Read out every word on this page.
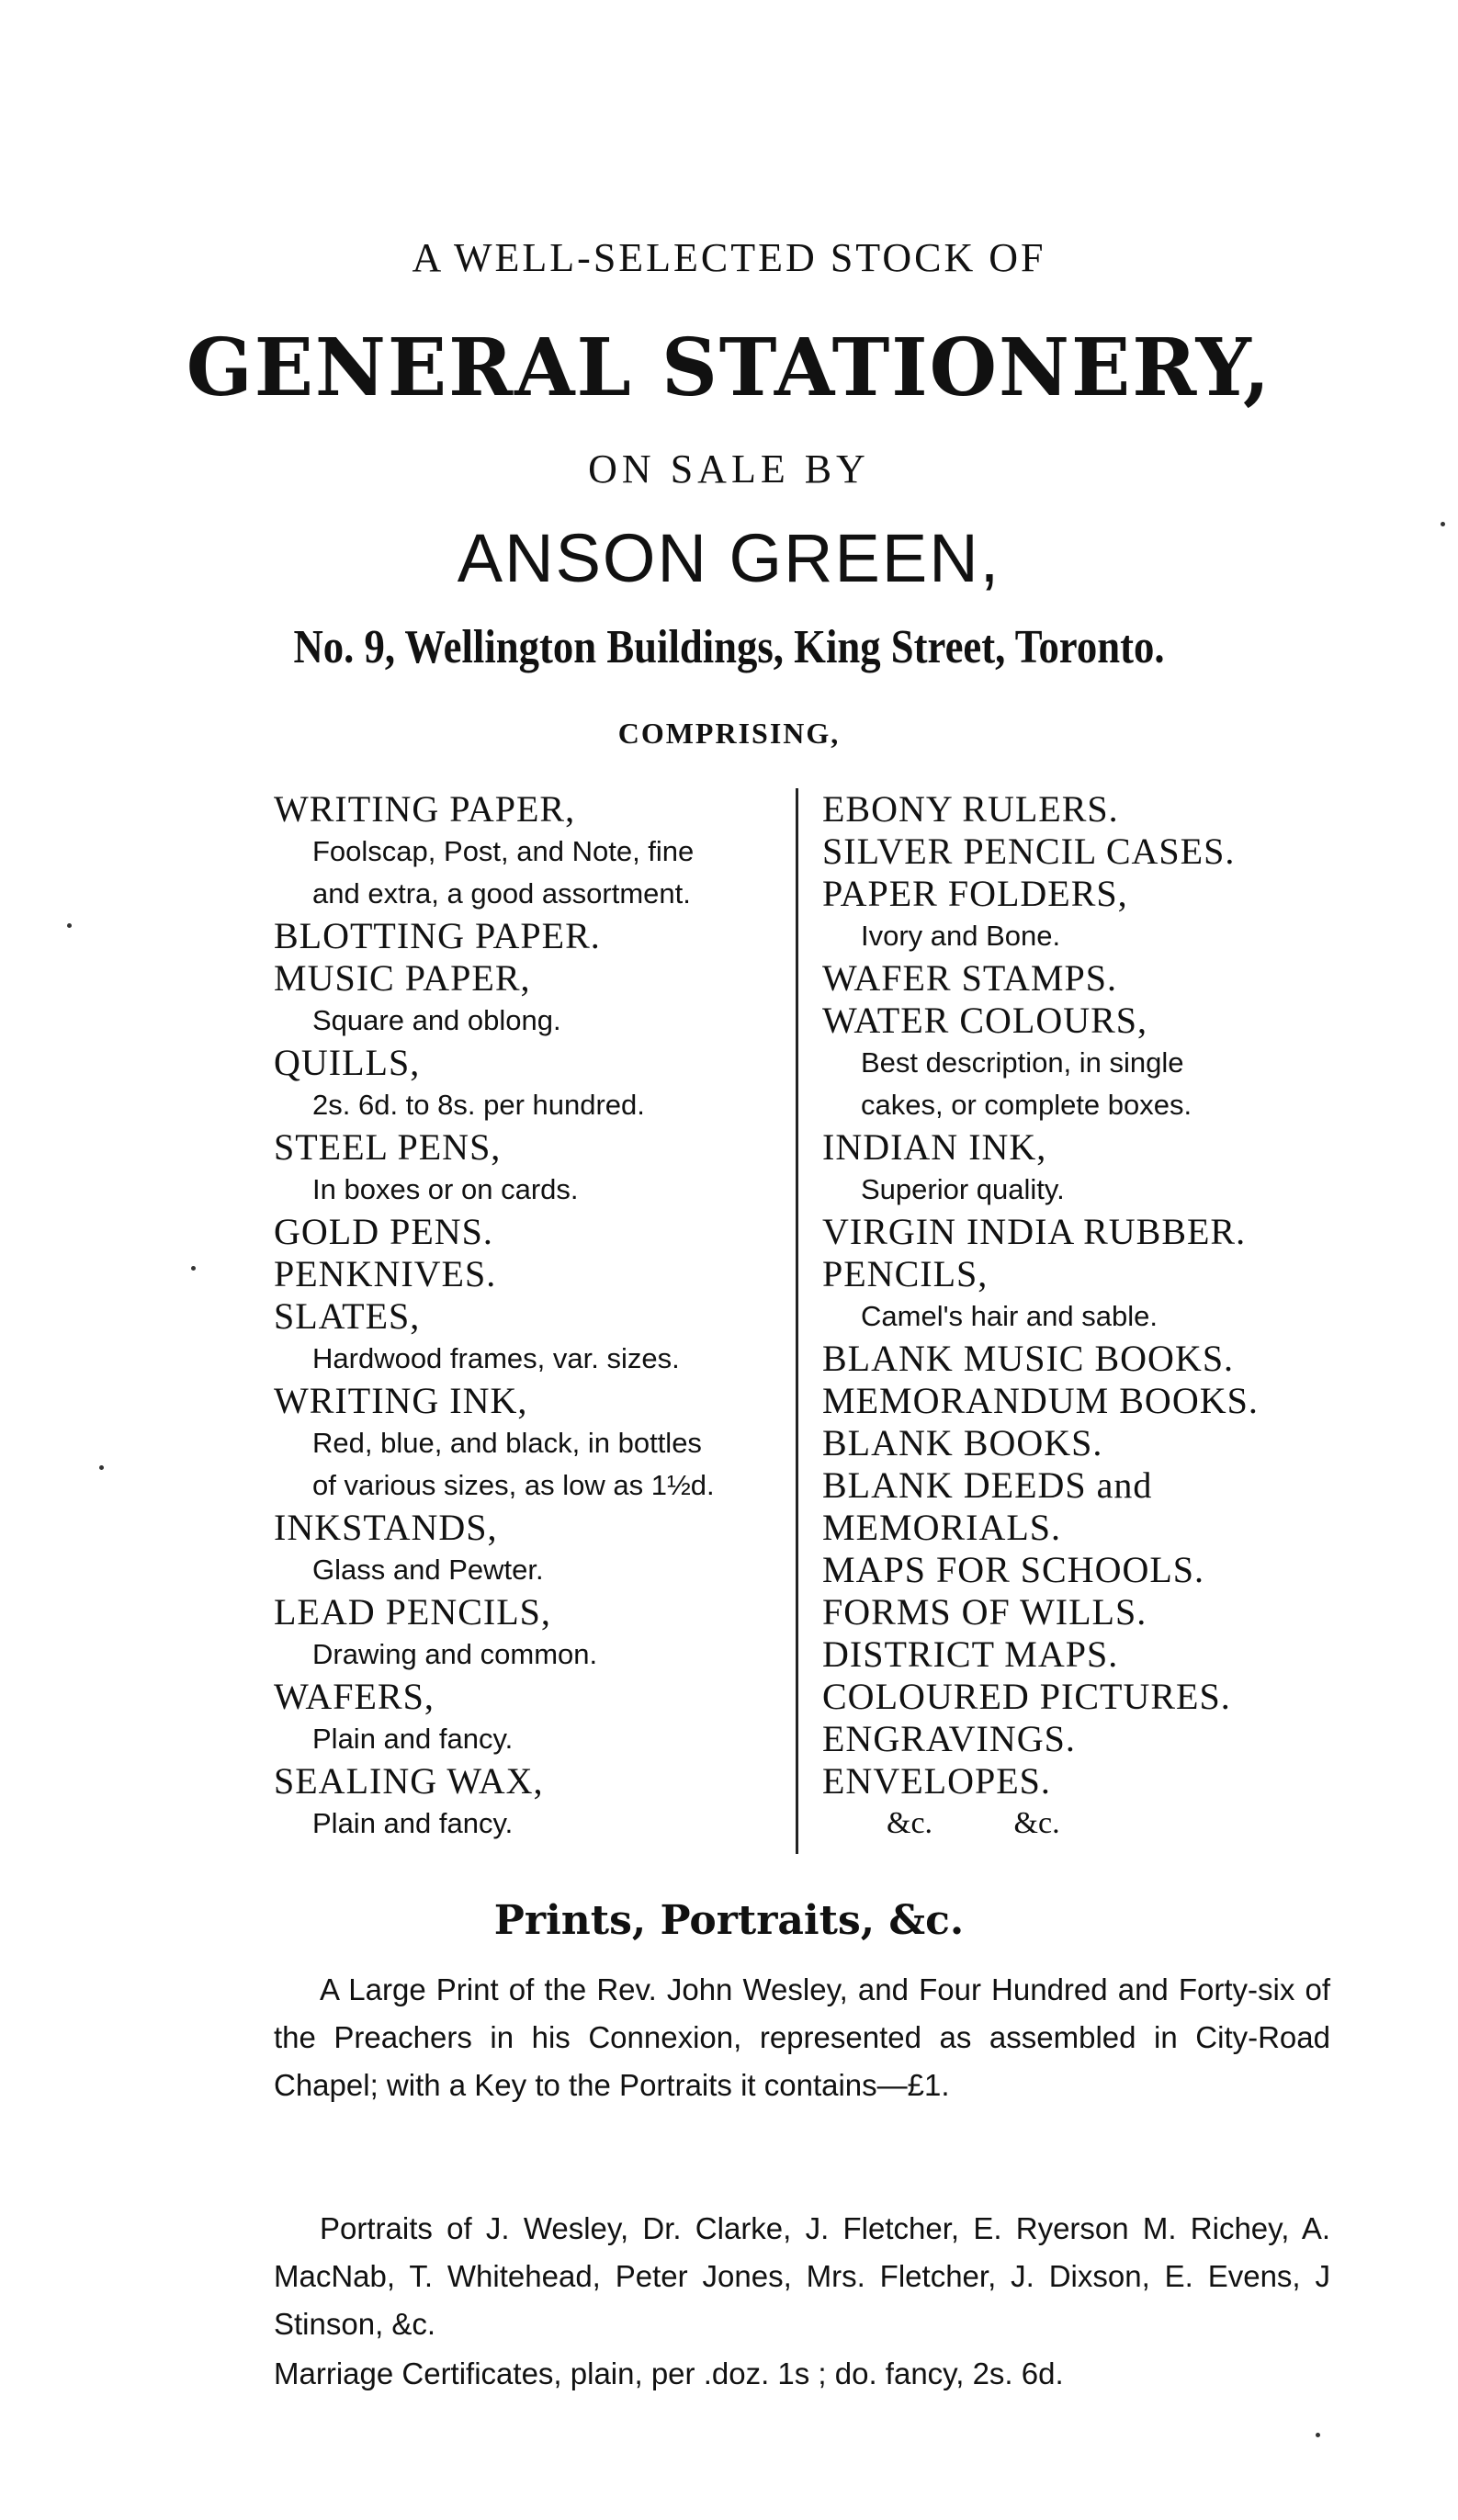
A WELL-SELECTED STOCK OF
GENERAL STATIONERY,
ON SALE BY
ANSON GREEN,
No. 9, Wellington Buildings, King Street, Toronto.
COMPRISING,
WRITING PAPER,
Foolscap, Post, and Note, fine
and extra, a good assortment.
BLOTTING PAPER.
MUSIC PAPER,
Square and oblong.
QUILLS,
2s. 6d. to 8s. per hundred.
STEEL PENS,
In boxes or on cards.
GOLD PENS.
PENKNIVES.
SLATES,
Hardwood frames, var. sizes.
WRITING INK,
Red, blue, and black, in bottles
of various sizes, as low as 1½d.
INKSTANDS,
Glass and Pewter.
LEAD PENCILS,
Drawing and common.
WAFERS,
Plain and fancy.
SEALING WAX,
Plain and fancy.
EBONY RULERS.
SILVER PENCIL CASES.
PAPER FOLDERS,
Ivory and Bone.
WAFER STAMPS.
WATER COLOURS,
Best description, in single
cakes, or complete boxes.
INDIAN INK,
Superior quality.
VIRGIN INDIA RUBBER.
PENCILS,
Camel's hair and sable.
BLANK MUSIC BOOKS.
MEMORANDUM BOOKS.
BLANK BOOKS.
BLANK DEEDS and
MEMORIALS.
MAPS FOR SCHOOLS.
FORMS OF WILLS.
DISTRICT MAPS.
COLOURED PICTURES.
ENGRAVINGS.
ENVELOPES.
&c. &c.
Prints, Portraits, &c.

A Large Print of the Rev. John Wesley, and Four Hundred and Forty-six of the Preachers in his Connexion, represented as assembled in City-Road Chapel; with a Key to the Portraits it contains—£1.

Portraits of J. Wesley, Dr. Clarke, J. Fletcher, E. Ryerson M. Richey, A. MacNab, T. Whitehead, Peter Jones, Mrs. Fletcher, J. Dixson, E. Evens, J Stinson, &c.

Marriage Certificates, plain, per .doz. 1s ; do. fancy, 2s. 6d.
